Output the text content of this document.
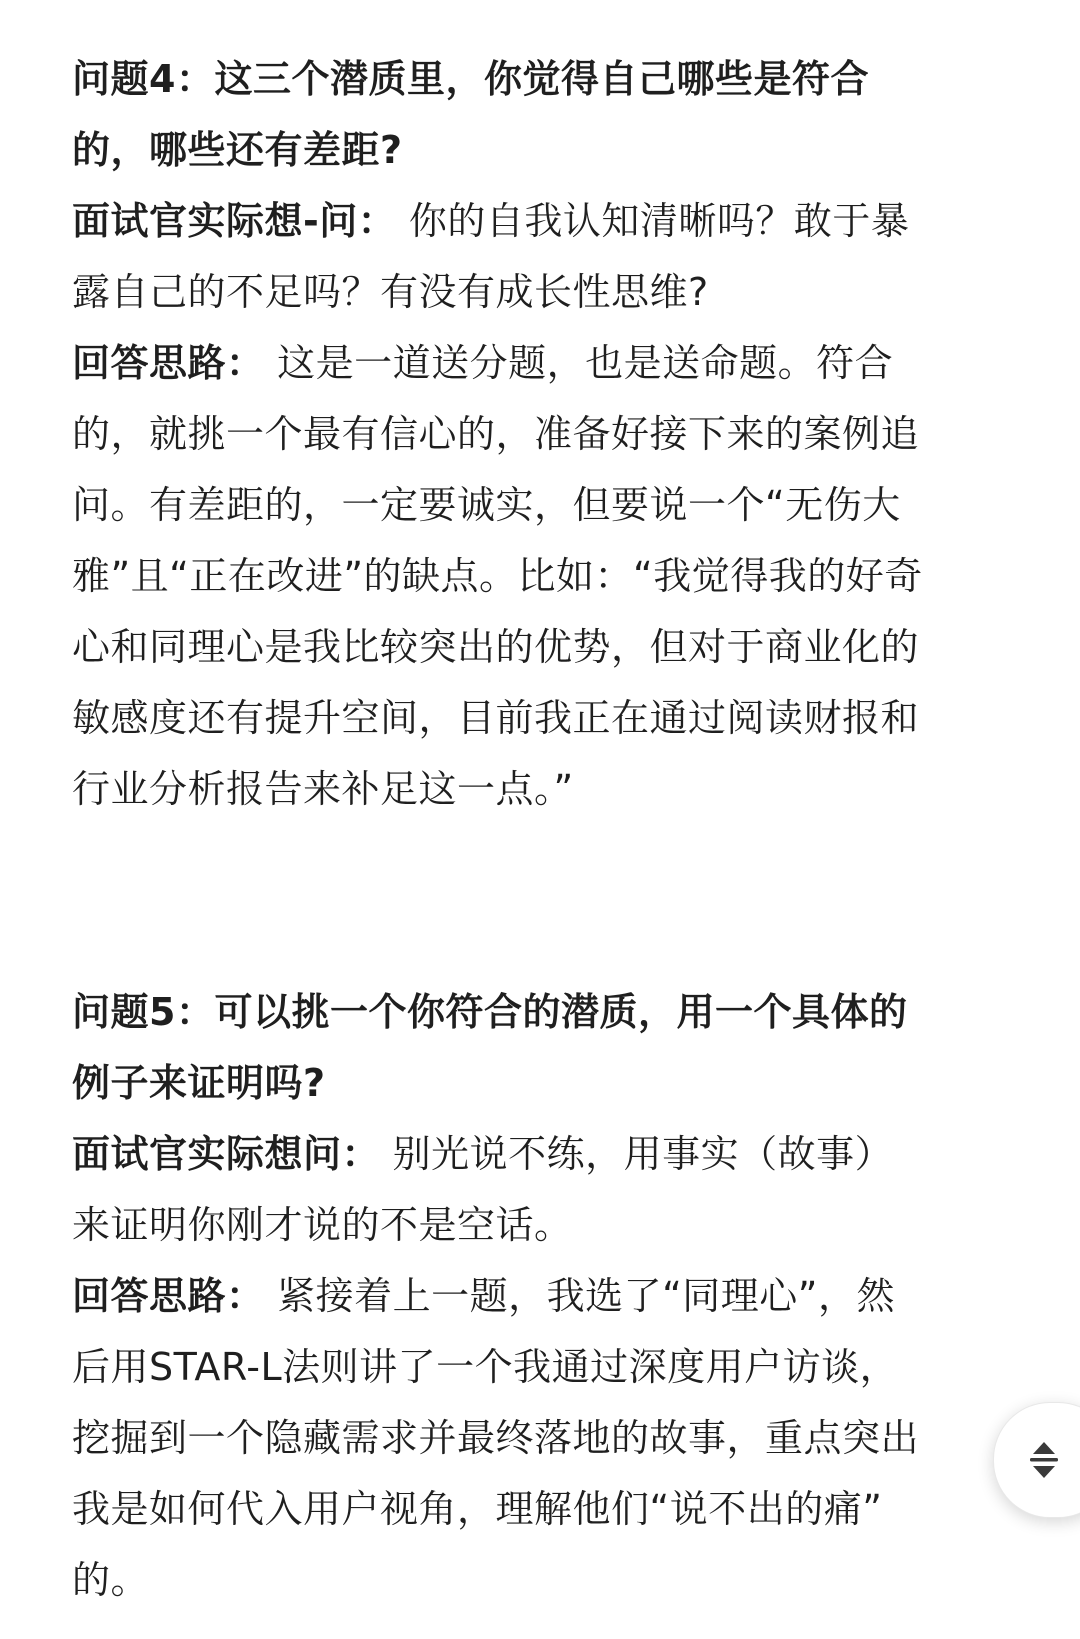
问题4：这三个潜质里，你觉得自己哪些是符合
的，哪些还有差距?
面试官实际想-问： 你的自我认知清晰吗？敢于暴
露自己的不足吗？有没有成长性思维?
回答思路： 这是一道送分题，也是送命题。符合
的，就挑一个最有信心的，准备好接下来的案例追
问。有差距的，一定要诚实，但要说一个“无伤大
雅”且“正在改进”的缺点。比如：“我觉得我的好奇
心和同理心是我比较突出的优势，但对于商业化的
敏感度还有提升空间，目前我正在通过阅读财报和
行业分析报告来补足这一点。”
问题5：可以挑一个你符合的潜质，用一个具体的
例子来证明吗?
面试官实际想问： 别光说不练，用事实（故事）
来证明你刚才说的不是空话。
回答思路： 紧接着上一题，我选了“同理心”，然
后用STAR-L法则讲了一个我通过深度用户访谈，
挖掘到一个隐藏需求并最终落地的故事，重点突出
我是如何代入用户视角，理解他们“说不出的痛”
的。
